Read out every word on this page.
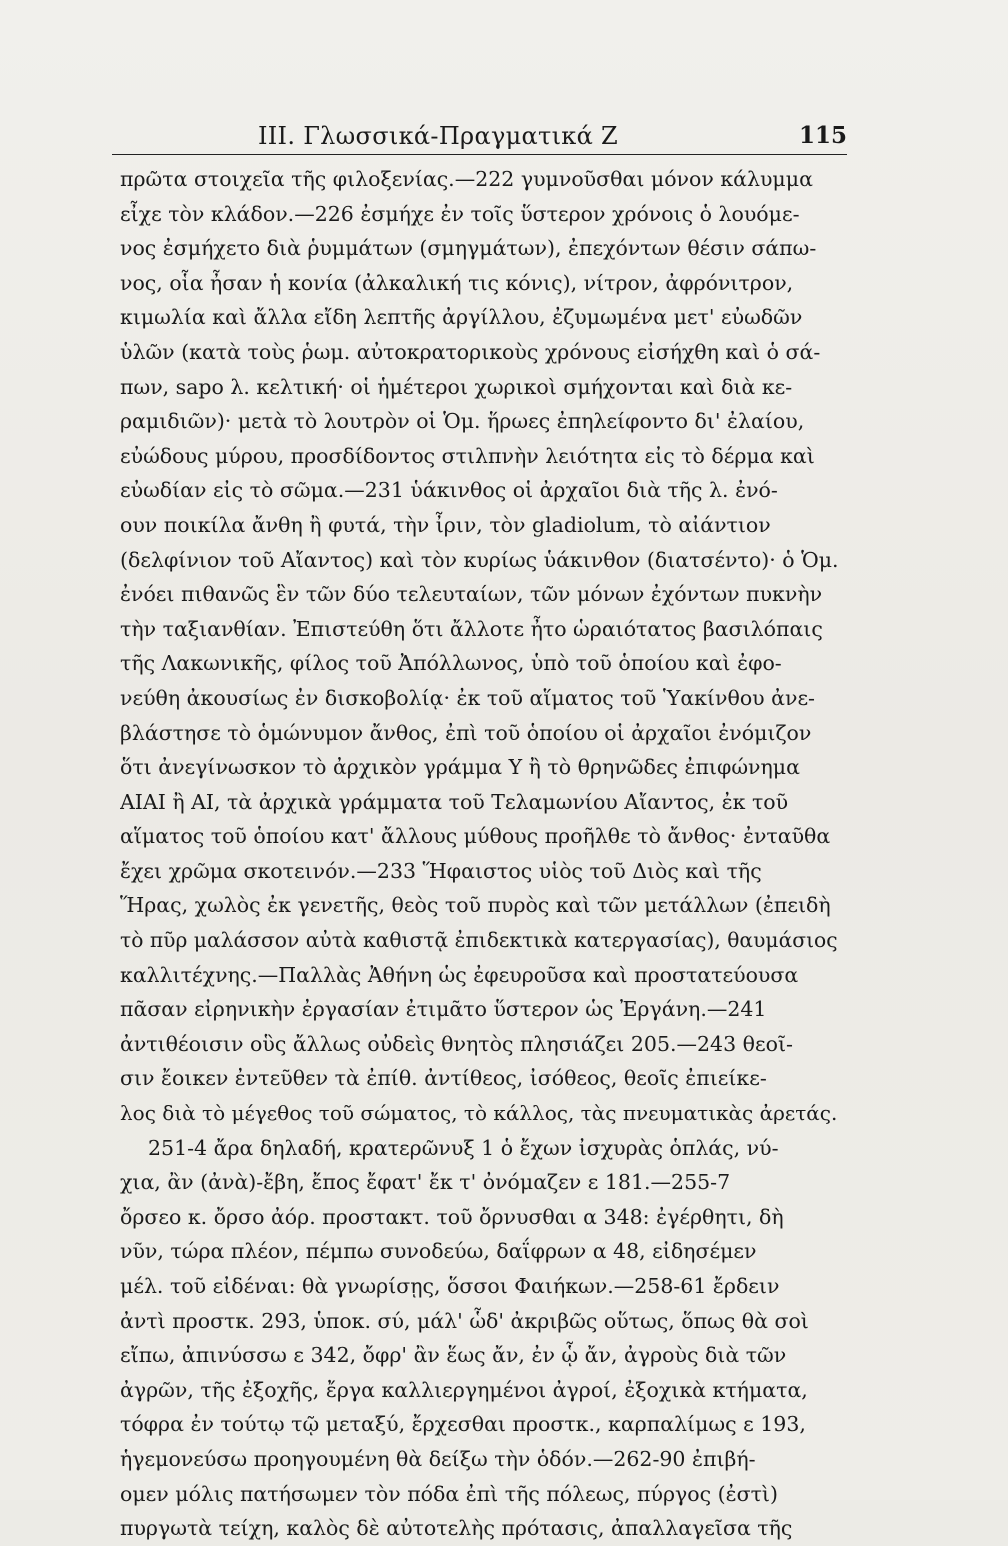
III. Γλωσσικά-Πραγματικά Ζ	115
πρῶτα στοιχεῖα τῆς φιλοξενίας.—222 γυμνοῦσθαι μόνον κάλυμμα
εἶχε τὸν κλάδον.—226 ἐσμήχε ἐν τοῖς ὕστερον χρόνοις ὁ λουόμε-
νος ἐσμήχετο διὰ ῥυμμάτων (σμηγμάτων), ἐπεχόντων θέσιν σάπω-
νος, οἷα ἦσαν ἡ κονία (ἀλκαλική τις κόνις), νίτρον, ἀφρόνιτρον,
κιμωλία καὶ ἄλλα εἴδη λεπτῆς ἀργίλλου, ἐζυμωμένα μετ' εὐωδῶν
ὑλῶν (κατὰ τοὺς ῥωμ. αὐτοκρατορικοὺς χρόνους εἰσήχθη καὶ ὁ σά-
πων, sapo λ. κελτική· οἱ ἡμέτεροι χωρικοὶ σμήχονται καὶ διὰ κε-
ραμιδιῶν)· μετὰ τὸ λουτρὸν οἱ Ὁμ. ἥρωες ἐπηλείφοντο δι' ἐλαίου,
εὐώδους μύρου, προσδίδοντος στιλπνὴν λειότητα εἰς τὸ δέρμα καὶ
εὐωδίαν εἰς τὸ σῶμα.—231 ὑάκινθος οἱ ἀρχαῖοι διὰ τῆς λ. ἐνό-
ουν ποικίλα ἄνθη ἢ φυτά, τὴν ἶριν, τὸν gladiolum, τὸ αἰάντιον
(δελφίνιον τοῦ Αἴαντος) καὶ τὸν κυρίως ὑάκινθον (διατσέντο)· ὁ Ὁμ.
ἐνόει πιθανῶς ἓν τῶν δύο τελευταίων, τῶν μόνων ἐχόντων πυκνὴν
τὴν ταξιανθίαν. Ἐπιστεύθη ὅτι ἄλλοτε ἦτο ὡραιότατος βασιλόπαις
τῆς Λακωνικῆς, φίλος τοῦ Ἀπόλλωνος, ὑπὸ τοῦ ὁποίου καὶ ἐφο-
νεύθη ἀκουσίως ἐν δισκοβολίᾳ· ἐκ τοῦ αἵματος τοῦ Ὑακίνθου ἀνε-
βλάστησε τὸ ὁμώνυμον ἄνθος, ἐπὶ τοῦ ὁποίου οἱ ἀρχαῖοι ἐνόμιζον
ὅτι ἀνεγίνωσκον τὸ ἀρχικὸν γράμμα Υ ἢ τὸ θρηνῶδες ἐπιφώνημα
ΑΙΑΙ ἢ ΑΙ, τὰ ἀρχικὰ γράμματα τοῦ Τελαμωνίου Αἴαντος, ἐκ τοῦ
αἵματος τοῦ ὁποίου κατ' ἄλλους μύθους προῆλθε τὸ ἄνθος· ἐνταῦθα
ἔχει χρῶμα σκοτεινόν.—233 Ἥφαιστος υἱὸς τοῦ Διὸς καὶ τῆς
Ἥρας, χωλὸς ἐκ γενετῆς, θεὸς τοῦ πυρὸς καὶ τῶν μετάλλων (ἐπειδὴ
τὸ πῦρ μαλάσσον αὐτὰ καθιστᾷ ἐπιδεκτικὰ κατεργασίας), θαυμάσιος
καλλιτέχνης.—Παλλὰς Ἀθήνη ὡς ἐφευροῦσα καὶ προστατεύουσα
πᾶσαν εἰρηνικὴν ἐργασίαν ἐτιμᾶτο ὕστερον ὡς Ἐργάνη.—241
ἀντιθέοισιν οὓς ἄλλως οὐδεὶς θνητὸς πλησιάζει 205.—243 θεοῖ-
σιν ἔοικεν ἐντεῦθεν τὰ ἐπίθ. ἀντίθεος, ἰσόθεος, θεοῖς ἐπιείκε-
λος διὰ τὸ μέγεθος τοῦ σώματος, τὸ κάλλος, τὰς πνευματικὰς ἀρετάς.
251-4 ἄρα δηλαδή, κρατερῶνυξ 1 ὁ ἔχων ἰσχυρὰς ὁπλάς, νύ-
χια, ἂν (ἀνὰ)-ἔβη, ἔπος ἔφατ' ἔκ τ' ὀνόμαζεν ε 181.—255-7
ὄρσεο κ. ὄρσο ἀόρ. προστακτ. τοῦ ὄρνυσθαι α 348: ἐγέρθητι, δὴ
νῦν, τώρα πλέον, πέμπω συνοδεύω, δαΐφρων α 48, εἰδησέμεν
μέλ. τοῦ εἰδέναι: θὰ γνωρίσῃς, ὅσσοι Φαιήκων.—258-61 ἔρδειν
ἀντὶ προστκ. 293, ὑποκ. σύ, μάλ' ὧδ' ἀκριβῶς οὕτως, ὅπως θὰ σοὶ
εἴπω, ἀπινύσσω ε 342, ὄφρ' ἂν ἕως ἄν, ἐν ᾧ ἄν, ἀγροὺς διὰ τῶν
ἀγρῶν, τῆς ἐξοχῆς, ἔργα καλλιεργημένοι ἀγροί, ἐξοχικὰ κτήματα,
τόφρα ἐν τούτῳ τῷ μεταξύ, ἔρχεσθαι προστκ., καρπαλίμως ε 193,
ἡγεμονεύσω προηγουμένη θὰ δείξω τὴν ὁδόν.—262-90 ἐπιβή-
ομεν μόλις πατήσωμεν τὸν πόδα ἐπὶ τῆς πόλεως, πύργος (ἐστὶ)
πυργωτὰ τείχη, καλὸς δὲ αὐτοτελὴς πρότασις, ἀπαλλαγεῖσα τῆς
